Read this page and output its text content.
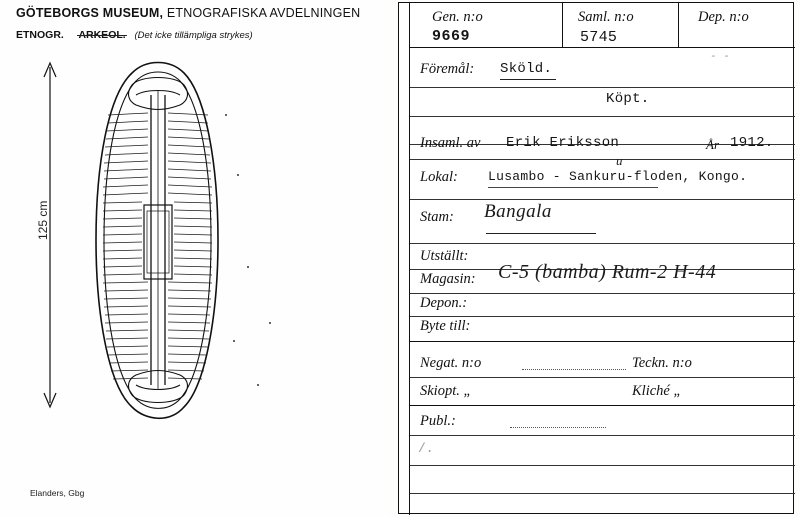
GÖTEBORGS MUSEUM, ETNOGRAFISKA AVDELNINGEN
ETNOGR. ARKEOL. (Det icke tillämpliga strykes)
125 cm
Elanders, Gbg
Gen. n:o
9669
Saml. n:o
5745
Dep. n:o
Föremål: Sköld.
- -
Köpt.
Insaml. av Erik Eriksson	År 1912.
Lokal: Lusambo - Sankuru-floden, Kongo.
u
Stam: Bangala
Utställt:
Magasin: C-5 (bamba) Rum-2 H-44
Depon.:
Byte till:
Negat. n:o	Teckn. n:o
Skiopt. „	Kliché „
Publ.:
/.
